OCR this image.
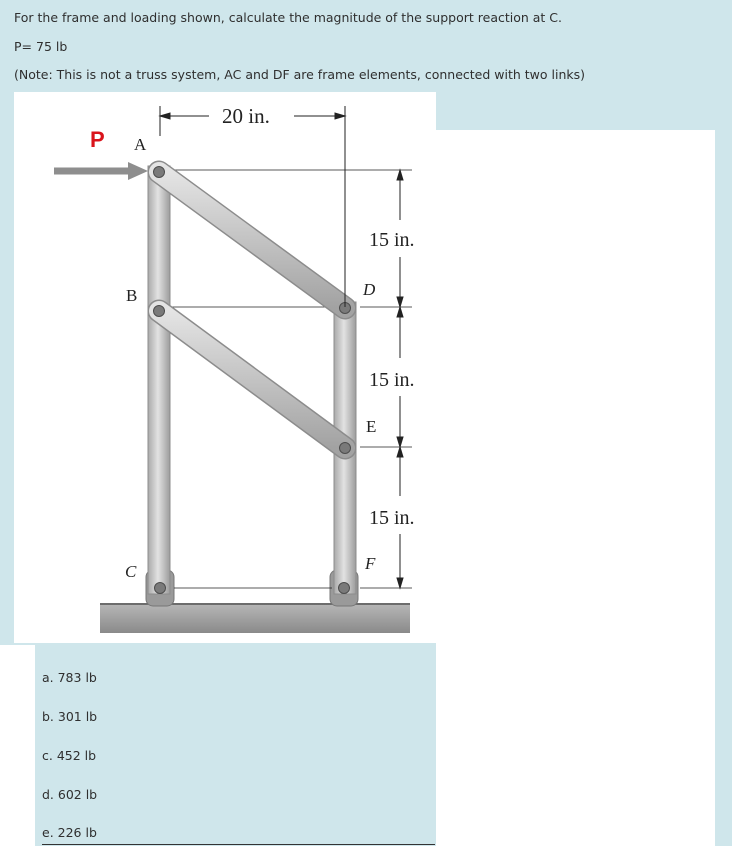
For the frame and loading shown, calculate the magnitude of the support reaction at C.
P= 75 lb
(Note: This is not a truss system, AC and DF are frame elements, connected with two links)
P
20 in.
15 in.
15 in.
15 in.
A
B
C
D
E
F
a. 783 lb
b. 301 lb
c. 452 lb
d. 602 lb
e. 226 lb
